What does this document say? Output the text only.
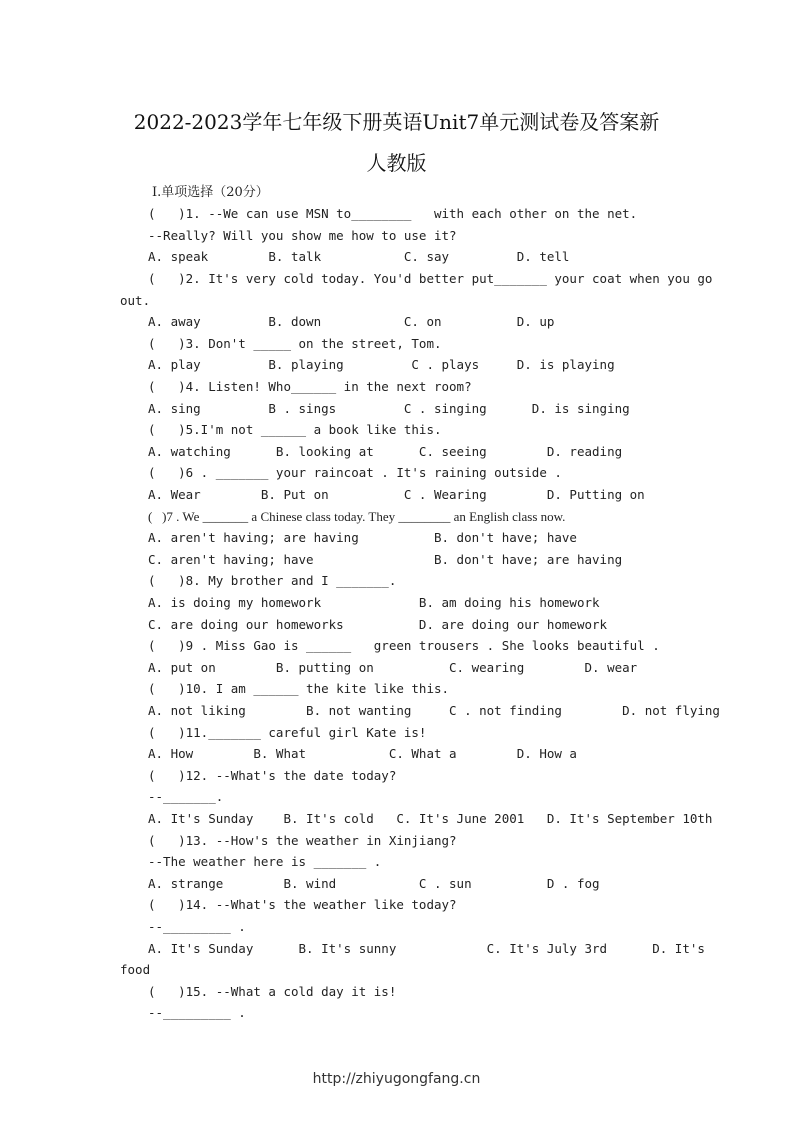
2022-2023学年七年级下册英语Unit7单元测试卷及答案新
人教版
I.单项选择（20分）
(   )1. --We can use MSN to________   with each other on the net.
--Really? Will you show me how to use it?
A. speak        B. talk           C. say         D. tell
(   )2. It's very cold today. You'd better put_______ your coat when you go
out.
A. away         B. down           C. on          D. up
(   )3. Don't _____ on the street, Tom.
A. play         B. playing         C . plays     D. is playing
(   )4. Listen! Who______ in the next room?
A. sing         B . sings         C . singing      D. is singing
(   )5.I'm not ______ a book like this.
A. watching      B. looking at      C. seeing        D. reading
(   )6 . _______ your raincoat . It's raining outside .
A. Wear        B. Put on          C . Wearing        D. Putting on
(   )7 . We _______ a Chinese class today. They ________ an English class now.
A. aren't having; are having          B. don't have; have
C. aren't having; have                B. don't have; are having
(   )8. My brother and I _______.
A. is doing my homework             B. am doing his homework
C. are doing our homeworks          D. are doing our homework
(   )9 . Miss Gao is ______   green trousers . She looks beautiful .
A. put on        B. putting on          C. wearing        D. wear
(   )10. I am ______ the kite like this.
A. not liking        B. not wanting     C . not finding        D. not flying
(   )11._______ careful girl Kate is!
A. How        B. What           C. What a        D. How a
(   )12. --What's the date today?
--_______.
A. It's Sunday    B. It's cold   C. It's June 2001   D. It's September 10th
(   )13. --How's the weather in Xinjiang?
--The weather here is _______ .
A. strange        B. wind           C . sun          D . fog
(   )14. --What's the weather like today?
--_________ .
A. It's Sunday      B. It's sunny            C. It's July 3rd      D. It's
food
(   )15. --What a cold day it is!
--_________ .
http://zhiyugongfang.cn
